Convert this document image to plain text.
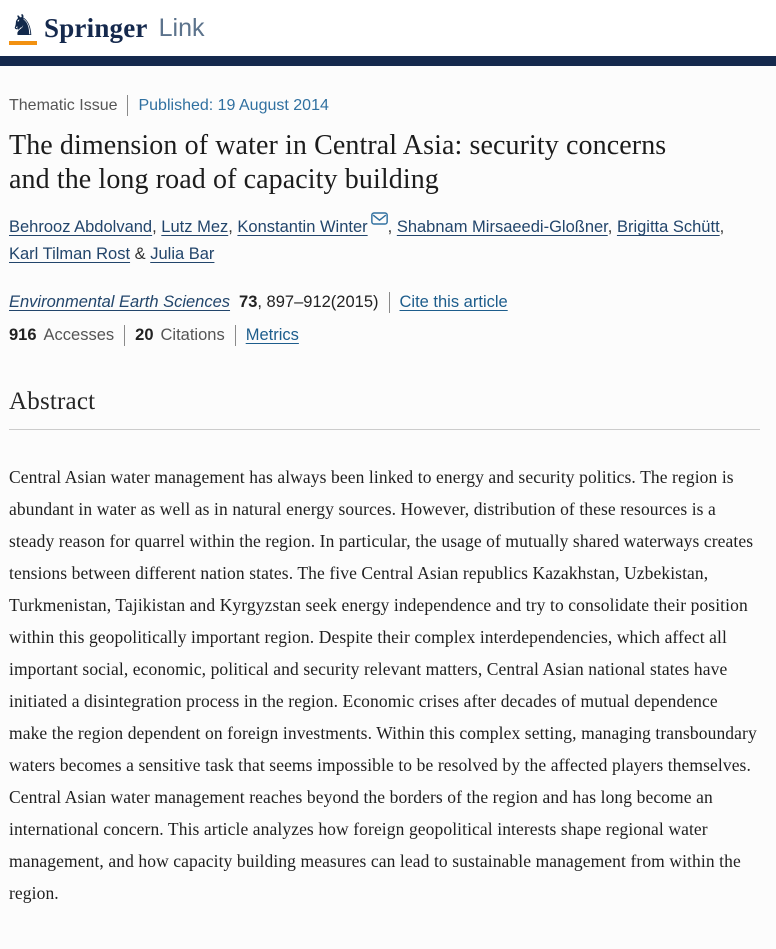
♞ Springer Link
Thematic Issue Published: 19 August 2014
The dimension of water in Central Asia: security concerns and the long road of capacity building
Behrooz Abdolvand, Lutz Mez, Konstantin Winter , Shabnam Mirsaeedi-Gloßner, Brigitta Schütt, Karl Tilman Rost & Julia Bar
Environmental Earth Sciences 73 , 897–912(2015) Cite this article
916 Accesses 20 Citations Metrics
Abstract

Central Asian water management has always been linked to energy and security politics. The region is abundant in water as well as in natural energy sources. However, distribution of these resources is a steady reason for quarrel within the region. In particular, the usage of mutually shared waterways creates tensions between different nation states. The five Central Asian republics Kazakhstan, Uzbekistan, Turkmenistan, Tajikistan and Kyrgyzstan seek energy independence and try to consolidate their position within this geopolitically important region. Despite their complex interdependencies, which affect all important social, economic, political and security relevant matters, Central Asian national states have initiated a disintegration process in the region. Economic crises after decades of mutual dependence make the region dependent on foreign investments. Within this complex setting, managing transboundary waters becomes a sensitive task that seems impossible to be resolved by the affected players themselves. Central Asian water management reaches beyond the borders of the region and has long become an international concern. This article analyzes how foreign geopolitical interests shape regional water management, and how capacity building measures can lead to sustainable management from within the region.
